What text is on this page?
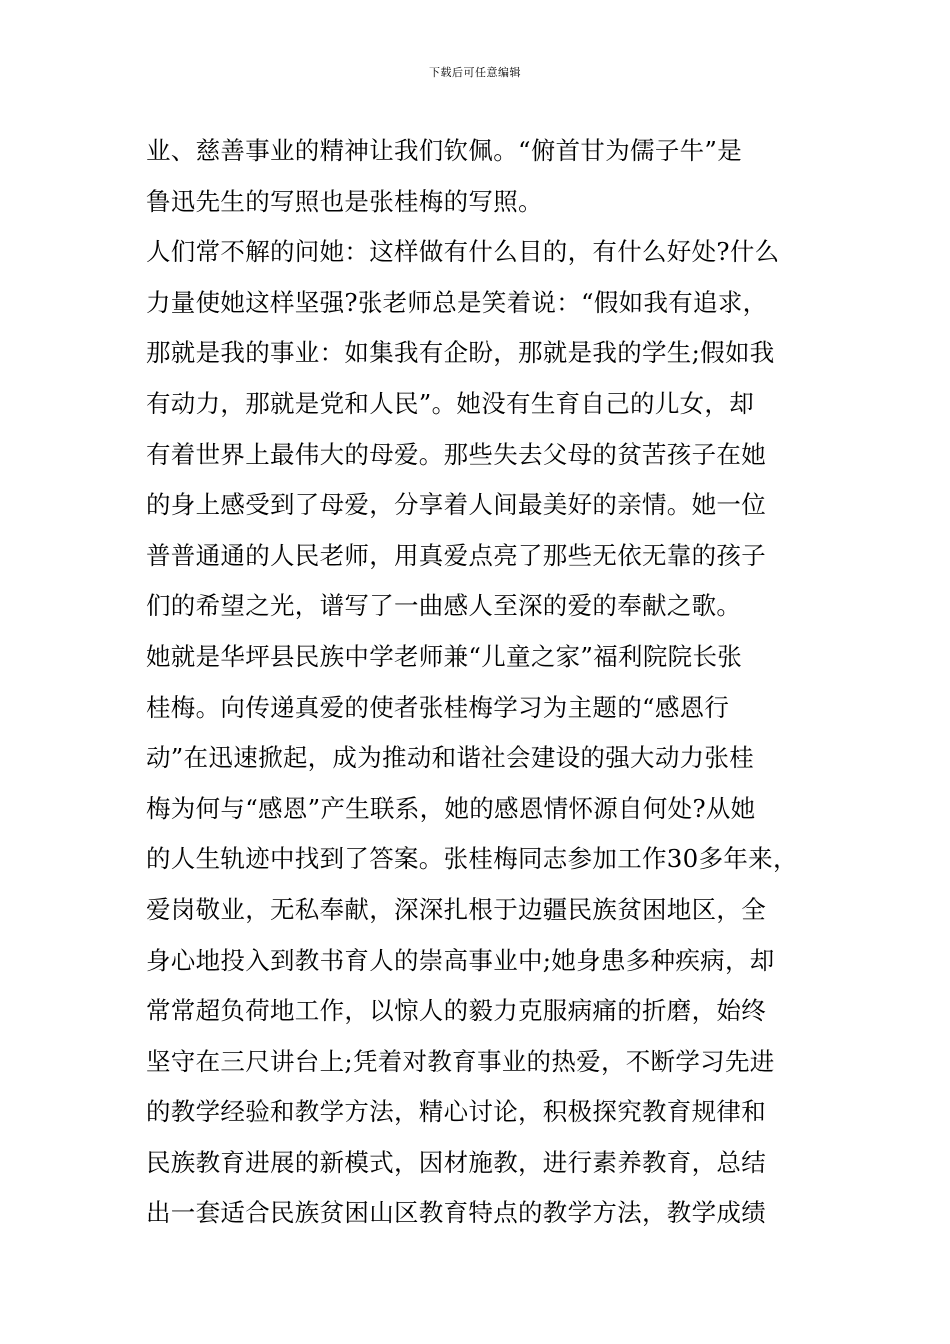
下载后可任意编辑
业、慈善事业的精神让我们钦佩。“俯首甘为儒子牛”是
鲁迅先生的写照也是张桂梅的写照。
人们常不解的问她：这样做有什么目的，有什么好处?什么
力量使她这样坚强?张老师总是笑着说：“假如我有追求，
那就是我的事业：如集我有企盼，那就是我的学生;假如我
有动力，那就是党和人民”。她没有生育自己的儿女，却
有着世界上最伟大的母爱。那些失去父母的贫苦孩子在她
的身上感受到了母爱，分享着人间最美好的亲情。她一位
普普通通的人民老师，用真爱点亮了那些无依无靠的孩子
们的希望之光，谱写了一曲感人至深的爱的奉献之歌。
她就是华坪县民族中学老师兼“儿童之家”福利院院长张
桂梅。向传递真爱的使者张桂梅学习为主题的“感恩行
动”在迅速掀起，成为推动和谐社会建设的强大动力张桂
梅为何与“感恩”产生联系，她的感恩情怀源自何处?从她
的人生轨迹中找到了答案。张桂梅同志参加工作30多年来，
爱岗敬业，无私奉献，深深扎根于边疆民族贫困地区，全
身心地投入到教书育人的崇高事业中;她身患多种疾病，却
常常超负荷地工作，以惊人的毅力克服病痛的折磨，始终
坚守在三尺讲台上;凭着对教育事业的热爱，不断学习先进
的教学经验和教学方法，精心讨论，积极探究教育规律和
民族教育进展的新模式，因材施教，进行素养教育，总结
出一套适合民族贫困山区教育特点的教学方法，教学成绩
